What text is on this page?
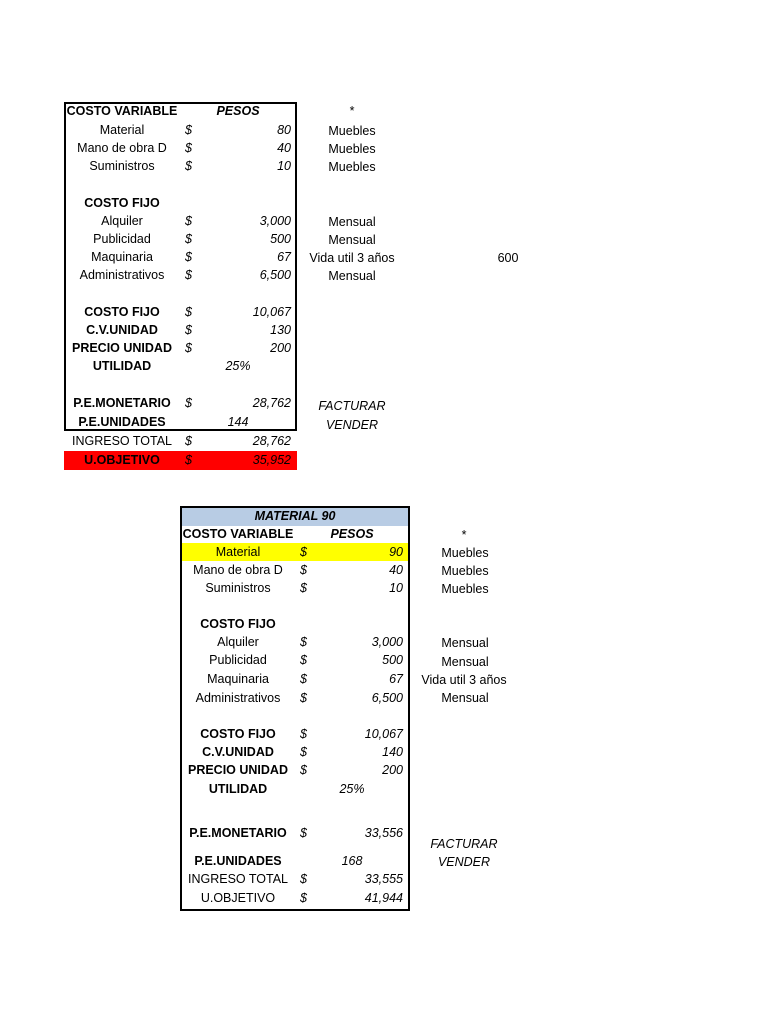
COSTO VARIABLE	PESOS	*
Material	$	80	Muebles
Mano de obra D	$	40	Muebles
Suministros	$	10	Muebles
COSTO FIJO
Alquiler	$	3,000	Mensual
Publicidad	$	500	Mensual
Maquinaria	$	67	Vida util 3 años	600
Administrativos	$	6,500	Mensual
COSTO FIJO	$	10,067
C.V.UNIDAD	$	130
PRECIO UNIDAD	$	200
UTILIDAD	25%
P.E.MONETARIO	$	28,762	FACTURAR
P.E.UNIDADES	144	VENDER
INGRESO TOTAL	$	28,762
U.OBJETIVO	$	35,952
MATERIAL 90
COSTO VARIABLE	PESOS	*
Material	$	90	Muebles
Mano de obra D	$	40	Muebles
Suministros	$	10	Muebles
COSTO FIJO
Alquiler	$	3,000	Mensual
Publicidad	$	500	Mensual
Maquinaria	$	67	Vida util 3 años
Administrativos	$	6,500	Mensual
COSTO FIJO	$	10,067
C.V.UNIDAD	$	140
PRECIO UNIDAD $	200
UTILIDAD	25%
P.E.MONETARIO	$	33,556
FACTURAR
P.E.UNIDADES	168	VENDER
INGRESO TOTAL $	33,555
U.OBJETIVO	$	41,944
